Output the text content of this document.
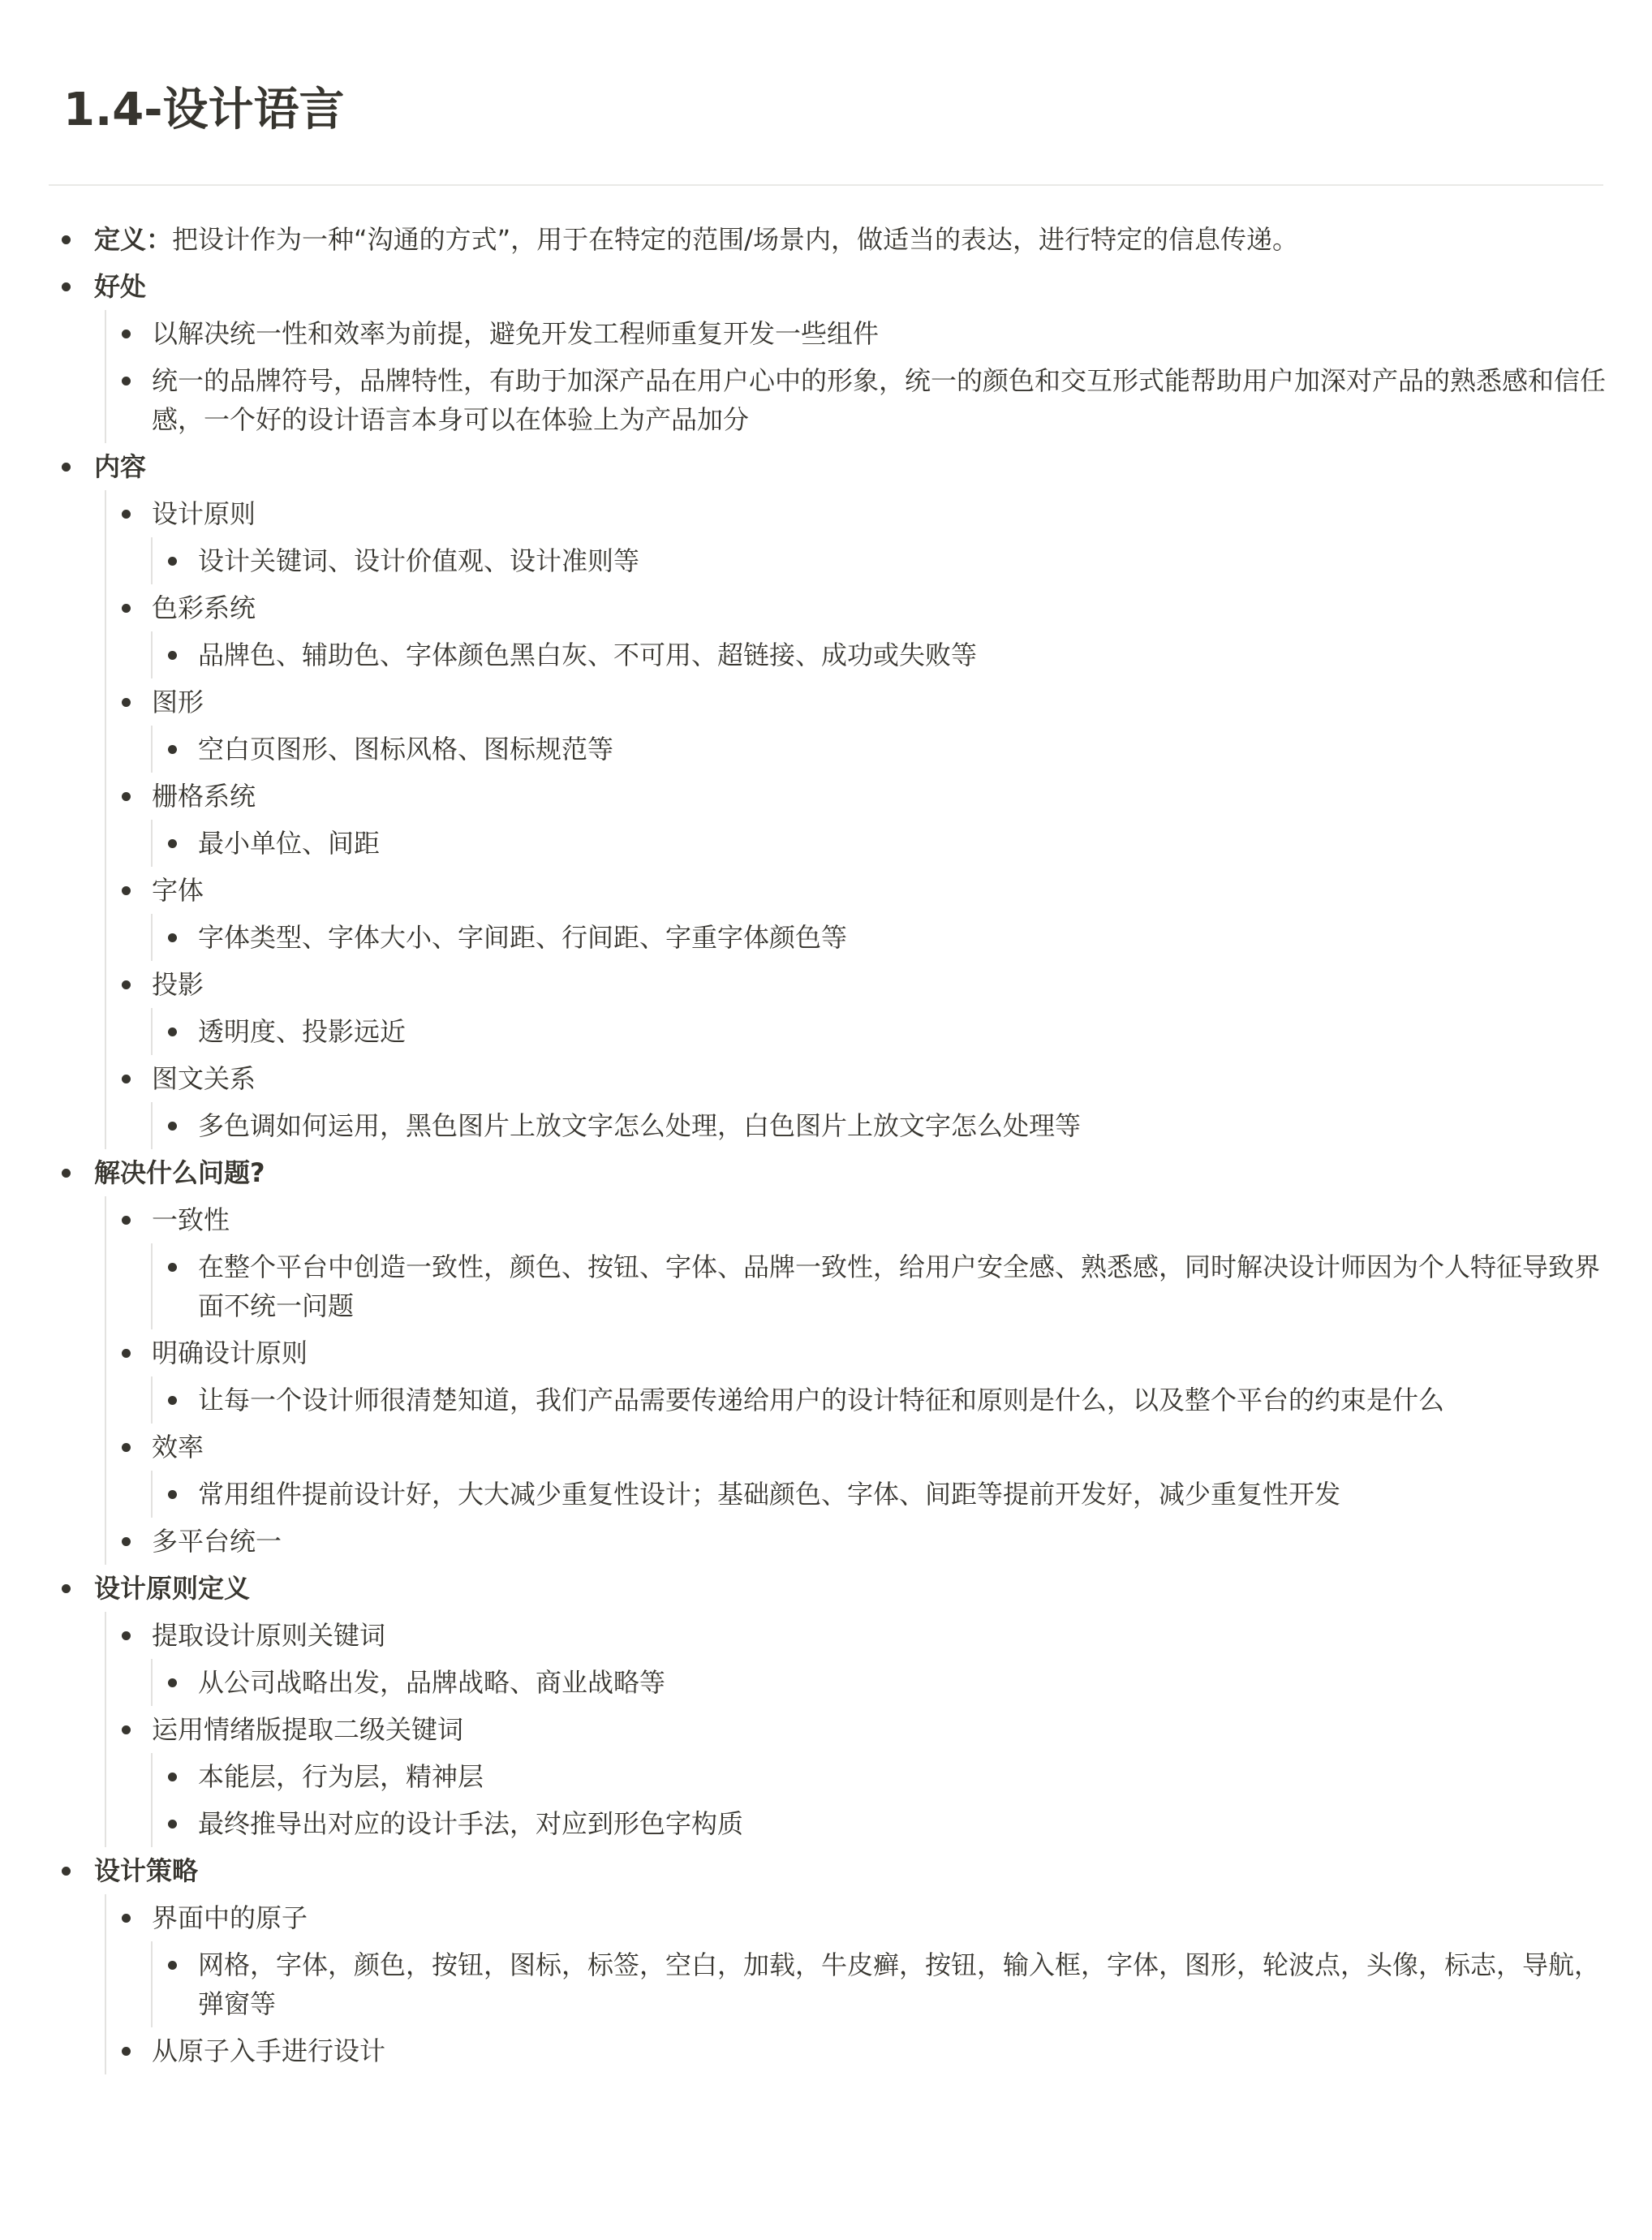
1.4-设计语言
定义：把设计作为一种“沟通的方式”，用于在特定的范围/场景内，做适当的表达，进行特定的信息传递。
好处
以解决统一性和效率为前提，避免开发工程师重复开发一些组件
统一的品牌符号，品牌特性，有助于加深产品在用户心中的形象，统一的颜色和交互形式能帮助用户加深对产品的熟悉感和信任感，一个好的设计语言本身可以在体验上为产品加分
内容
设计原则
设计关键词、设计价值观、设计准则等
色彩系统
品牌色、辅助色、字体颜色黑白灰、不可用、超链接、成功或失败等
图形
空白页图形、图标风格、图标规范等
栅格系统
最小单位、间距
字体
字体类型、字体大小、字间距、行间距、字重字体颜色等
投影
透明度、投影远近
图文关系
多色调如何运用，黑色图片上放文字怎么处理，白色图片上放文字怎么处理等
解决什么问题?
一致性
在整个平台中创造一致性，颜色、按钮、字体、品牌一致性，给用户安全感、熟悉感，同时解决设计师因为个人特征导致界面不统一问题
明确设计原则
让每一个设计师很清楚知道，我们产品需要传递给用户的设计特征和原则是什么，以及整个平台的约束是什么
效率
常用组件提前设计好，大大减少重复性设计；基础颜色、字体、间距等提前开发好，减少重复性开发
多平台统一
设计原则定义
提取设计原则关键词
从公司战略出发，品牌战略、商业战略等
运用情绪版提取二级关键词
本能层，行为层，精神层
最终推导出对应的设计手法，对应到形色字构质
设计策略
界面中的原子
网格，字体，颜色，按钮，图标，标签，空白，加载，牛皮癣，按钮，输入框，字体，图形，轮波点，头像，标志，导航，弹窗等
从原子入手进行设计
